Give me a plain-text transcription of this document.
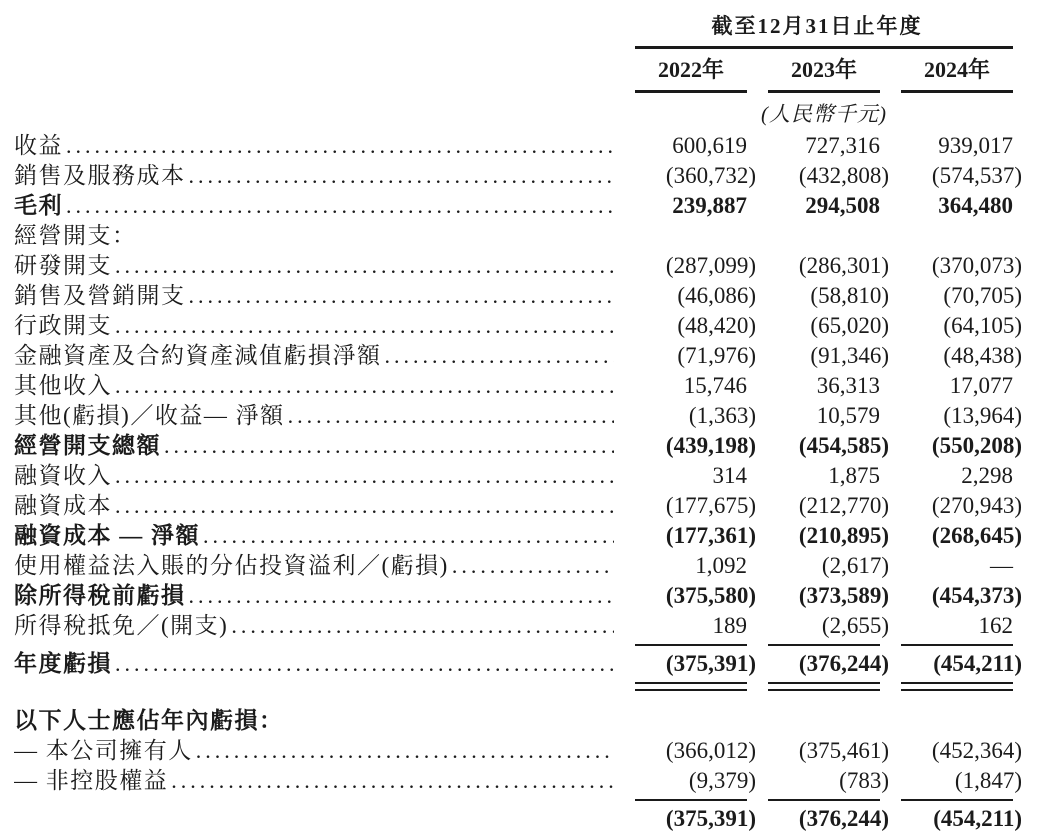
截至12月31日止年度
2022年	2023年	2024年
(人民幣千元)
收益 .....	600,619	727,316	939,017
銷售及服務成本 .....	(360,732)	(432,808)	(574,537)
毛利 .....	239,887	294,508	364,480
經營開支：
研發開支 .....	(287,099)	(286,301)	(370,073)
銷售及營銷開支 .....	(46,086)	(58,810)	(70,705)
行政開支 .....	(48,420)	(65,020)	(64,105)
金融資產及合約資產減值虧損淨額 .....	(71,976)	(91,346)	(48,438)
其他收入 .....	15,746	36,313	17,077
其他(虧損)／收益— 淨額 .....	(1,363)	10,579	(13,964)
經營開支總額 .....	(439,198)	(454,585)	(550,208)
融資收入 .....	314	1,875	2,298
融資成本 .....	(177,675)	(212,770)	(270,943)
融資成本 — 淨額 .....	(177,361)	(210,895)	(268,645)
使用權益法入賬的分佔投資溢利／(虧損) .....	1,092	(2,617)	—
除所得稅前虧損 .....	(375,580)	(373,589)	(454,373)
所得稅抵免／(開支) .....	189	(2,655)	162
年度虧損 .....	(375,391)	(376,244)	(454,211)
以下人士應佔年內虧損：
— 本公司擁有人 .....	(366,012)	(375,461)	(452,364)
— 非控股權益 .....	(9,379)	(783)	(1,847)
(375,391)	(376,244)	(454,211)
